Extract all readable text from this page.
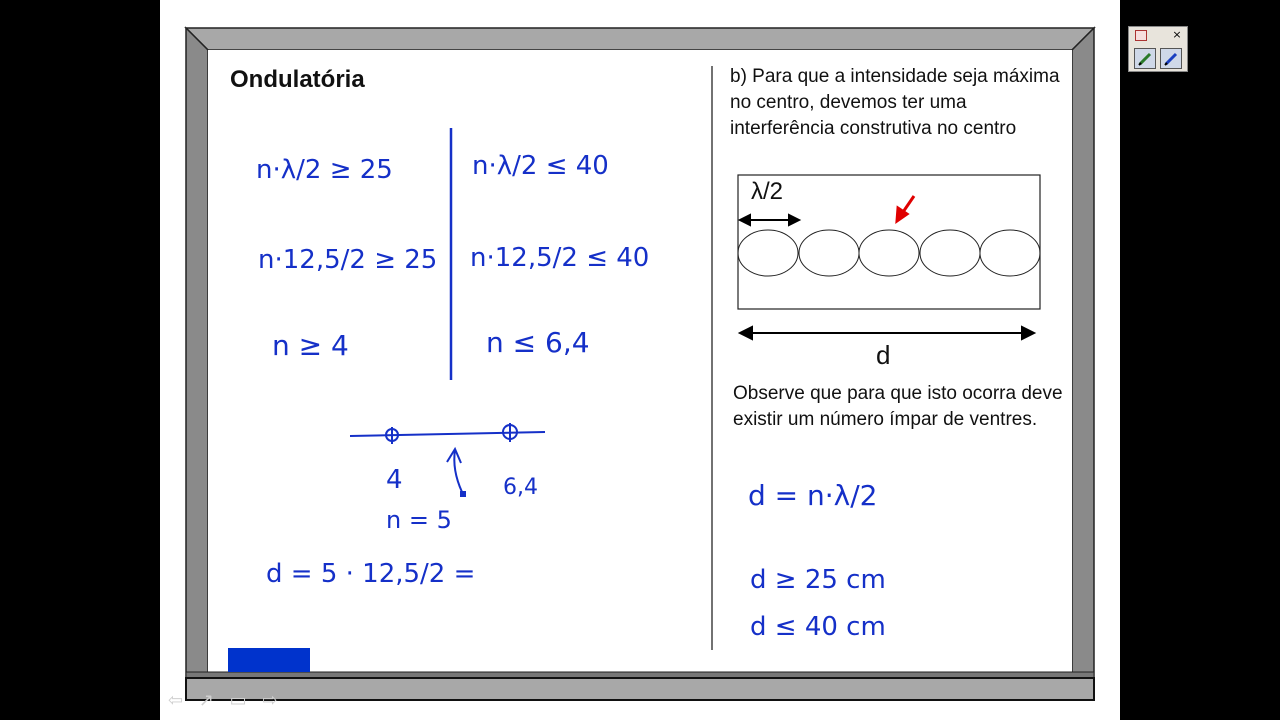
n·λ/2 ≥ 25
n·12,5/2 ≥ 25
n ≥ 4
n·λ/2 ≤ 40
n·12,5/2 ≤ 40
n ≤ 6,4
4	6,4
n = 5
d = 5 · 12,5/2 =
d = n·λ/2
d ≥ 25 cm
d ≤ 40 cm
Ondulatória	b) Para que a intensidade seja máxima no centro, devemos ter uma interferência construtiva no centro
λ/2
d
Observe que para que isto ocorra deve existir um número ímpar de ventres.
×
⇦ ↗ ▭ ⇨
